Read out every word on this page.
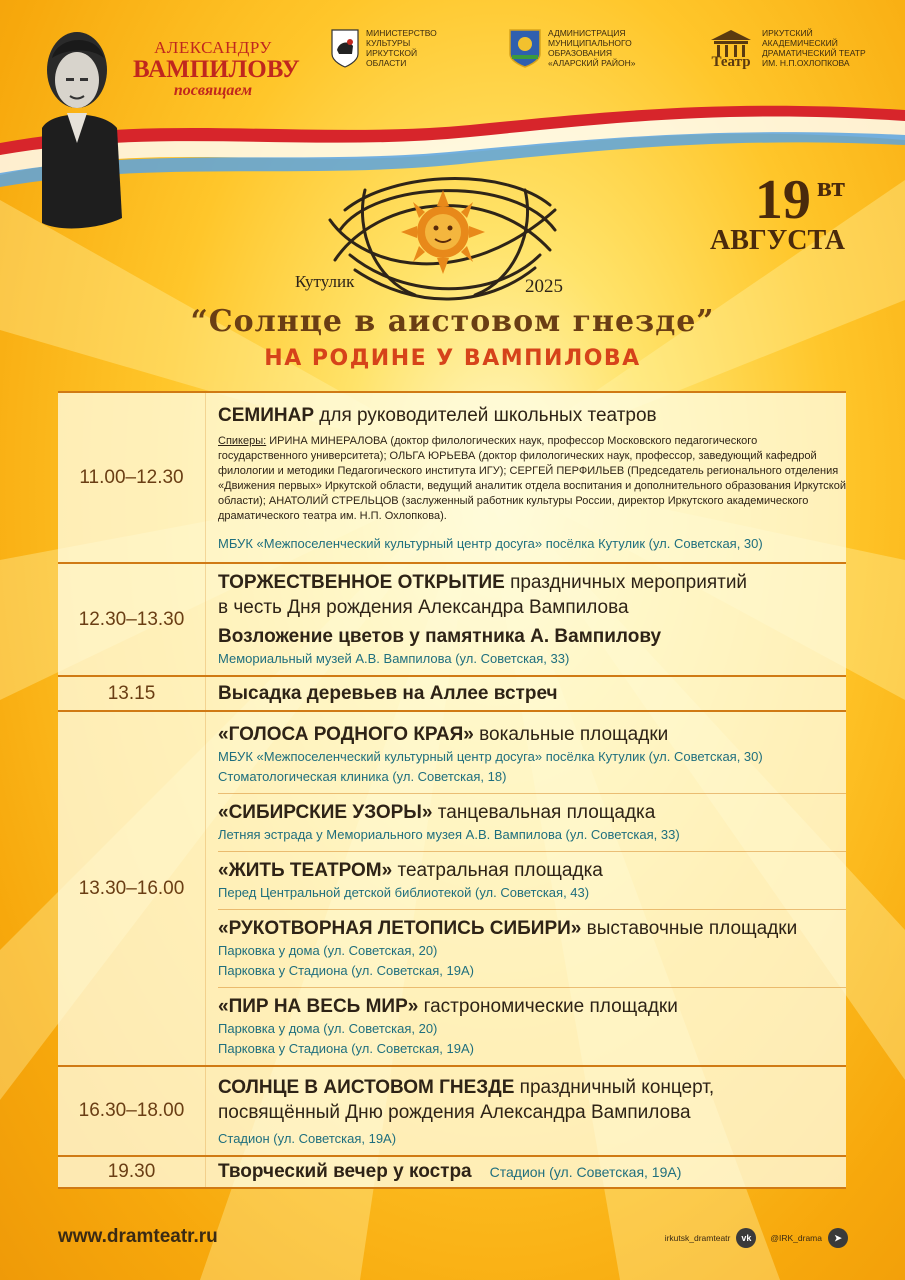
АЛЕКСАНДРУ
ВАМПИЛОВУ
посвящаем
МИНИСТЕРСТВО
КУЛЬТУРЫ
ИРКУТСКОЙ
ОБЛАСТИ
АДМИНИСТРАЦИЯ
МУНИЦИПАЛЬНОГО
ОБРАЗОВАНИЯ
«АЛАРСКИЙ РАЙОН»	Театр
ИРКУТСКИЙ
АКАДЕМИЧЕСКИЙ
ДРАМАТИЧЕСКИЙ ТЕАТР
ИМ. Н.П.ОХЛОПКОВА
Кутулик	2025
19 вт
АВГУСТА
“Солнце в аистовом гнезде”
НА РОДИНЕ У ВАМПИЛОВА
11.00–12.30
СЕМИНАР для руководителей школьных театров
Спикеры: ИРИНА МИНЕРАЛОВА (доктор филологических наук, профессор Московского педагогического государственного университета); ОЛЬГА ЮРЬЕВА (доктор филологических наук, профессор, заведующий кафедрой филологии и методики Педагогического института ИГУ); СЕРГЕЙ ПЕРФИЛЬЕВ (Председатель регионального отделения «Движения первых» Иркутской области, ведущий аналитик отдела воспитания и дополнительного образования Иркутской области); АНАТОЛИЙ СТРЕЛЬЦОВ (заслуженный работник культуры России, директор Иркутского академического драматического театра им. Н.П. Охлопкова).
МБУК «Межпоселенческий культурный центр досуга» посёлка Кутулик (ул. Советская, 30)
12.30–13.30
ТОРЖЕСТВЕННОЕ ОТКРЫТИЕ праздничных мероприятий
в честь Дня рождения Александра Вампилова
Возложение цветов у памятника А. Вампилову
Мемориальный музей А.В. Вампилова (ул. Советская, 33)
13.15	Высадка деревьев на Аллее встреч
13.30–16.00
«ГОЛОСА РОДНОГО КРАЯ» вокальные площадки
МБУК «Межпоселенческий культурный центр досуга» посёлка Кутулик (ул. Советская, 30)
Стоматологическая клиника (ул. Советская, 18)
«СИБИРСКИЕ УЗОРЫ» танцевальная площадка
Летняя эстрада у Мемориального музея А.В. Вампилова (ул. Советская, 33)
«ЖИТЬ ТЕАТРОМ» театральная площадка
Перед Центральной детской библиотекой (ул. Советская, 43)
«РУКОТВОРНАЯ ЛЕТОПИСЬ СИБИРИ» выставочные площадки
Парковка у дома (ул. Советская, 20)
Парковка у Стадиона (ул. Советская, 19А)
«ПИР НА ВЕСЬ МИР» гастрономические площадки
Парковка у дома (ул. Советская, 20)
Парковка у Стадиона (ул. Советская, 19А)
16.30–18.00
СОЛНЦЕ В АИСТОВОМ ГНЕЗДЕ праздничный концерт,
посвящённый Дню рождения Александра Вампилова
Стадион (ул. Советская, 19А)
19.30	Творческий вечер у костра Стадион (ул. Советская, 19А)
www.dramteatr.ru	irkutsk_dramteatr	vk	@IRK_drama	➤
